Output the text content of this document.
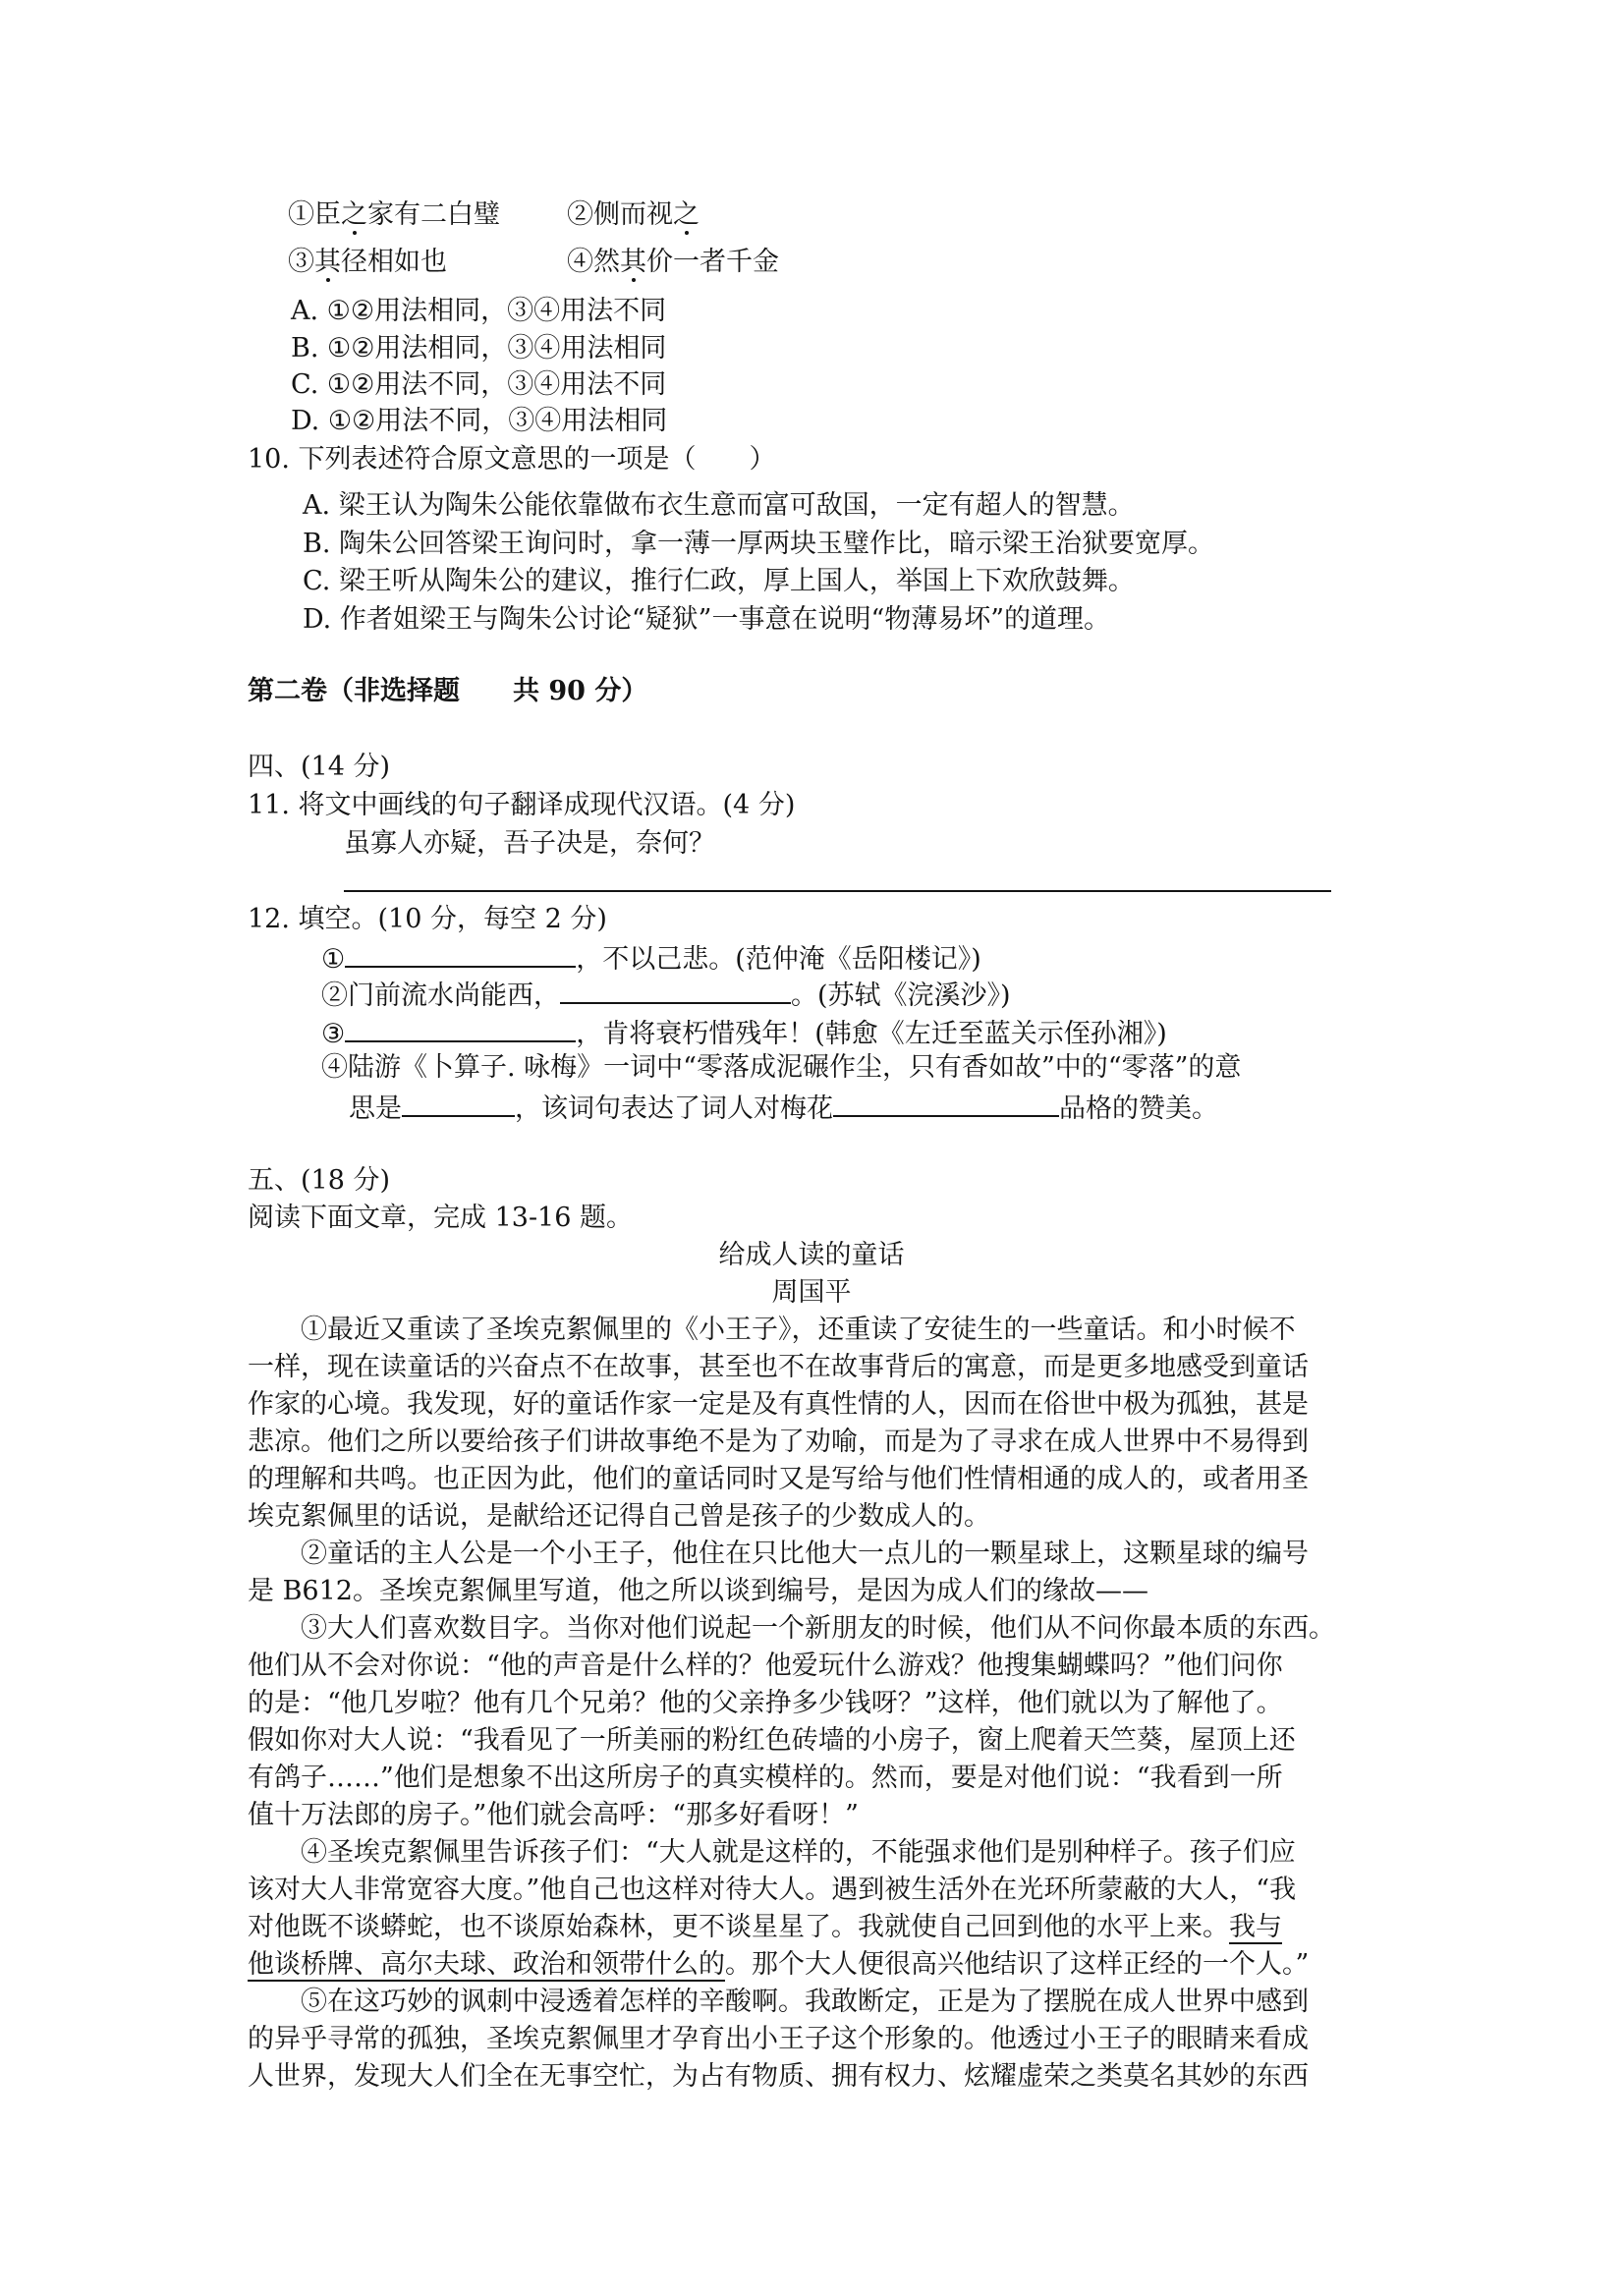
①臣之家有二白璧	②侧而视之
③其径相如也	④然其价一者千金
A. ①②用法相同，③④用法不同
B. ①②用法相同，③④用法相同
C. ①②用法不同，③④用法不同
D. ①②用法不同，③④用法相同
10. 下列表述符合原文意思的一项是（　　）
A. 梁王认为陶朱公能依靠做布衣生意而富可敌国，一定有超人的智慧。
B. 陶朱公回答梁王询问时，拿一薄一厚两块玉璧作比，暗示梁王治狱要宽厚。
C. 梁王听从陶朱公的建议，推行仁政，厚上国人，举国上下欢欣鼓舞。
D. 作者姐梁王与陶朱公讨论“疑狱”一事意在说明“物薄易坏”的道理。
第二卷（非选择题　　共 90 分）
四、(14 分)
11. 将文中画线的句子翻译成现代汉语。(4 分)
虽寡人亦疑，吾子决是，奈何？
12. 填空。(10 分，每空 2 分)
①	，不以己悲。(范仲淹《岳阳楼记》)
②门前流水尚能西，	。(苏轼《浣溪沙》)
③	，肯将衰朽惜残年！(韩愈《左迁至蓝关示侄孙湘》)
④陆游《卜算子. 咏梅》一词中“零落成泥碾作尘，只有香如故”中的“零落”的意
思是	，该词句表达了词人对梅花	品格的赞美。
五、(18 分)
阅读下面文章，完成 13-16 题。
给成人读的童话
周国平
①最近又重读了圣埃克絮佩里的《小王子》，还重读了安徒生的一些童话。和小时候不
一样，现在读童话的兴奋点不在故事，甚至也不在故事背后的寓意，而是更多地感受到童话
作家的心境。我发现，好的童话作家一定是及有真性情的人，因而在俗世中极为孤独，甚是
悲凉。他们之所以要给孩子们讲故事绝不是为了劝喻，而是为了寻求在成人世界中不易得到
的理解和共鸣。也正因为此，他们的童话同时又是写给与他们性情相通的成人的，或者用圣
埃克絮佩里的话说，是献给还记得自己曾是孩子的少数成人的。
②童话的主人公是一个小王子，他住在只比他大一点儿的一颗星球上，这颗星球的编号
是 B612。圣埃克絮佩里写道，他之所以谈到编号，是因为成人们的缘故——
③大人们喜欢数目字。当你对他们说起一个新朋友的时候，他们从不问你最本质的东西。
他们从不会对你说：“他的声音是什么样的？他爱玩什么游戏？他搜集蝴蝶吗？”他们问你
的是：“他几岁啦？他有几个兄弟？他的父亲挣多少钱呀？”这样，他们就以为了解他了。
假如你对大人说：“我看见了一所美丽的粉红色砖墙的小房子，窗上爬着天竺葵，屋顶上还
有鸽子……”他们是想象不出这所房子的真实模样的。然而，要是对他们说：“我看到一所
值十万法郎的房子。”他们就会高呼：“那多好看呀！”
④圣埃克絮佩里告诉孩子们：“大人就是这样的，不能强求他们是别种样子。孩子们应
该对大人非常宽容大度。”他自己也这样对待大人。遇到被生活外在光环所蒙蔽的大人，“我
对他既不谈蟒蛇，也不谈原始森林，更不谈星星了。我就使自己回到他的水平上来。我与
他谈桥牌、高尔夫球、政治和领带什么的。那个大人便很高兴他结识了这样正经的一个人。”
⑤在这巧妙的讽刺中浸透着怎样的辛酸啊。我敢断定，正是为了摆脱在成人世界中感到
的异乎寻常的孤独，圣埃克絮佩里才孕育出小王子这个形象的。他透过小王子的眼睛来看成
人世界，发现大人们全在无事空忙，为占有物质、拥有权力、炫耀虚荣之类莫名其妙的东西
